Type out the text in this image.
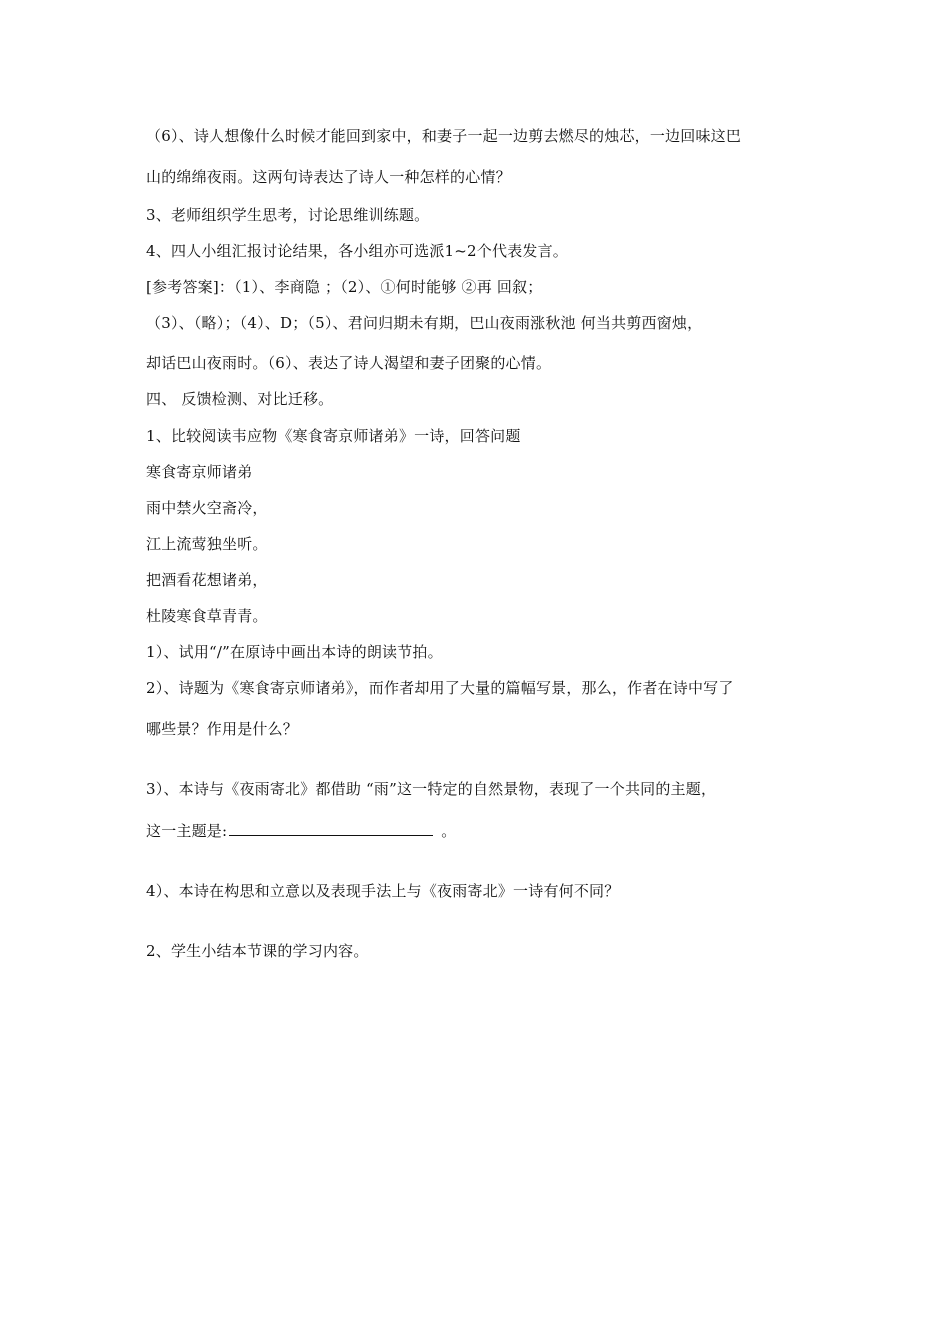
（6）、诗人想像什么时候才能回到家中，和妻子一起一边剪去燃尽的烛芯，一边回味这巴
山的绵绵夜雨。这两句诗表达了诗人一种怎样的心情？
3、老师组织学生思考，讨论思维训练题。
4、四人小组汇报讨论结果，各小组亦可选派1~2个代表发言。
[参考答案]：（1）、李商隐 ；（2）、①何时能够 ②再 回叙；
（3）、（略）；（4）、D；（5）、君问归期未有期，巴山夜雨涨秋池 何当共剪西窗烛，
却话巴山夜雨时。（6）、表达了诗人渴望和妻子团聚的心情。
四、 反馈检测、对比迁移。
1、比较阅读韦应物《寒食寄京师诸弟》一诗，回答问题
寒食寄京师诸弟
雨中禁火空斋冷，
江上流莺独坐听。
把酒看花想诸弟，
杜陵寒食草青青。
1）、试用“/”在原诗中画出本诗的朗读节拍。
2）、诗题为《寒食寄京师诸弟》，而作者却用了大量的篇幅写景，那么，作者在诗中写了
哪些景？作用是什么？
3）、本诗与《夜雨寄北》都借助 “雨”这一特定的自然景物，表现了一个共同的主题，
这一主题是:	。
4）、本诗在构思和立意以及表现手法上与《夜雨寄北》一诗有何不同？
2、学生小结本节课的学习内容。
